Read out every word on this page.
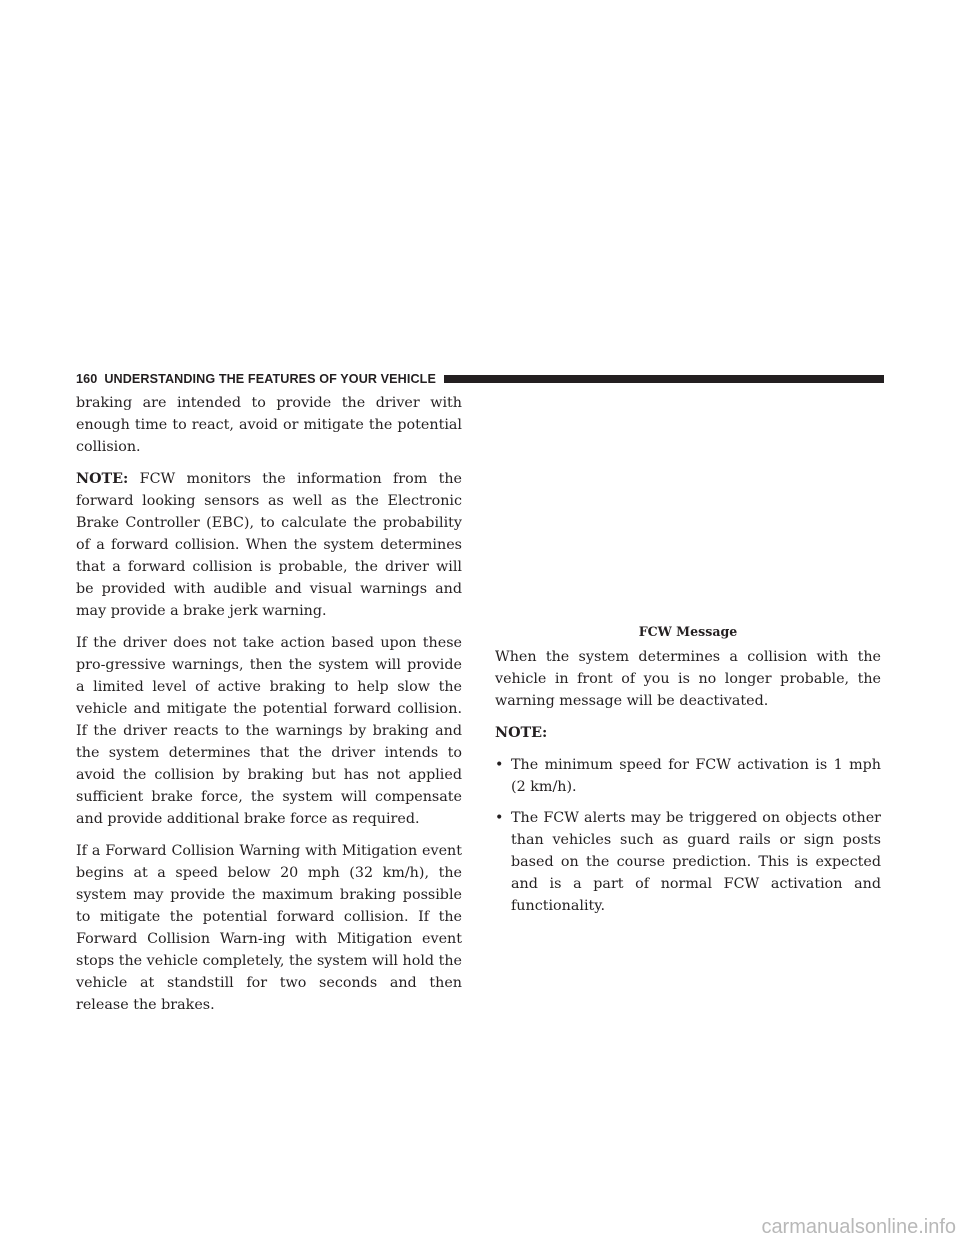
160 UNDERSTANDING THE FEATURES OF YOUR VEHICLE

braking are intended to provide the driver with enough time to react, avoid or mitigate the potential collision.

NOTE: FCW monitors the information from the forward looking sensors as well as the Electronic Brake Controller (EBC), to calculate the probability of a forward collision. When the system determines that a forward collision is probable, the driver will be provided with audible and visual warnings and may provide a brake jerk warning.

If the driver does not take action based upon these pro-gressive warnings, then the system will provide a limited level of active braking to help slow the vehicle and mitigate the potential forward collision. If the driver reacts to the warnings by braking and the system determines that the driver intends to avoid the collision by braking but has not applied sufficient brake force, the system will compensate and provide additional brake force as required.

If a Forward Collision Warning with Mitigation event begins at a speed below 20 mph (32 km/h), the system may provide the maximum braking possible to mitigate the potential forward collision. If the Forward Collision Warn-ing with Mitigation event stops the vehicle completely, the system will hold the vehicle at standstill for two seconds and then release the brakes.

FCW Message

When the system determines a collision with the vehicle in front of you is no longer probable, the warning message will be deactivated.

NOTE:

• The minimum speed for FCW activation is 1 mph (2 km/h).
• The FCW alerts may be triggered on objects other than vehicles such as guard rails or sign posts based on the course prediction. This is expected and is a part of normal FCW activation and functionality.
carmanualsonline.info
